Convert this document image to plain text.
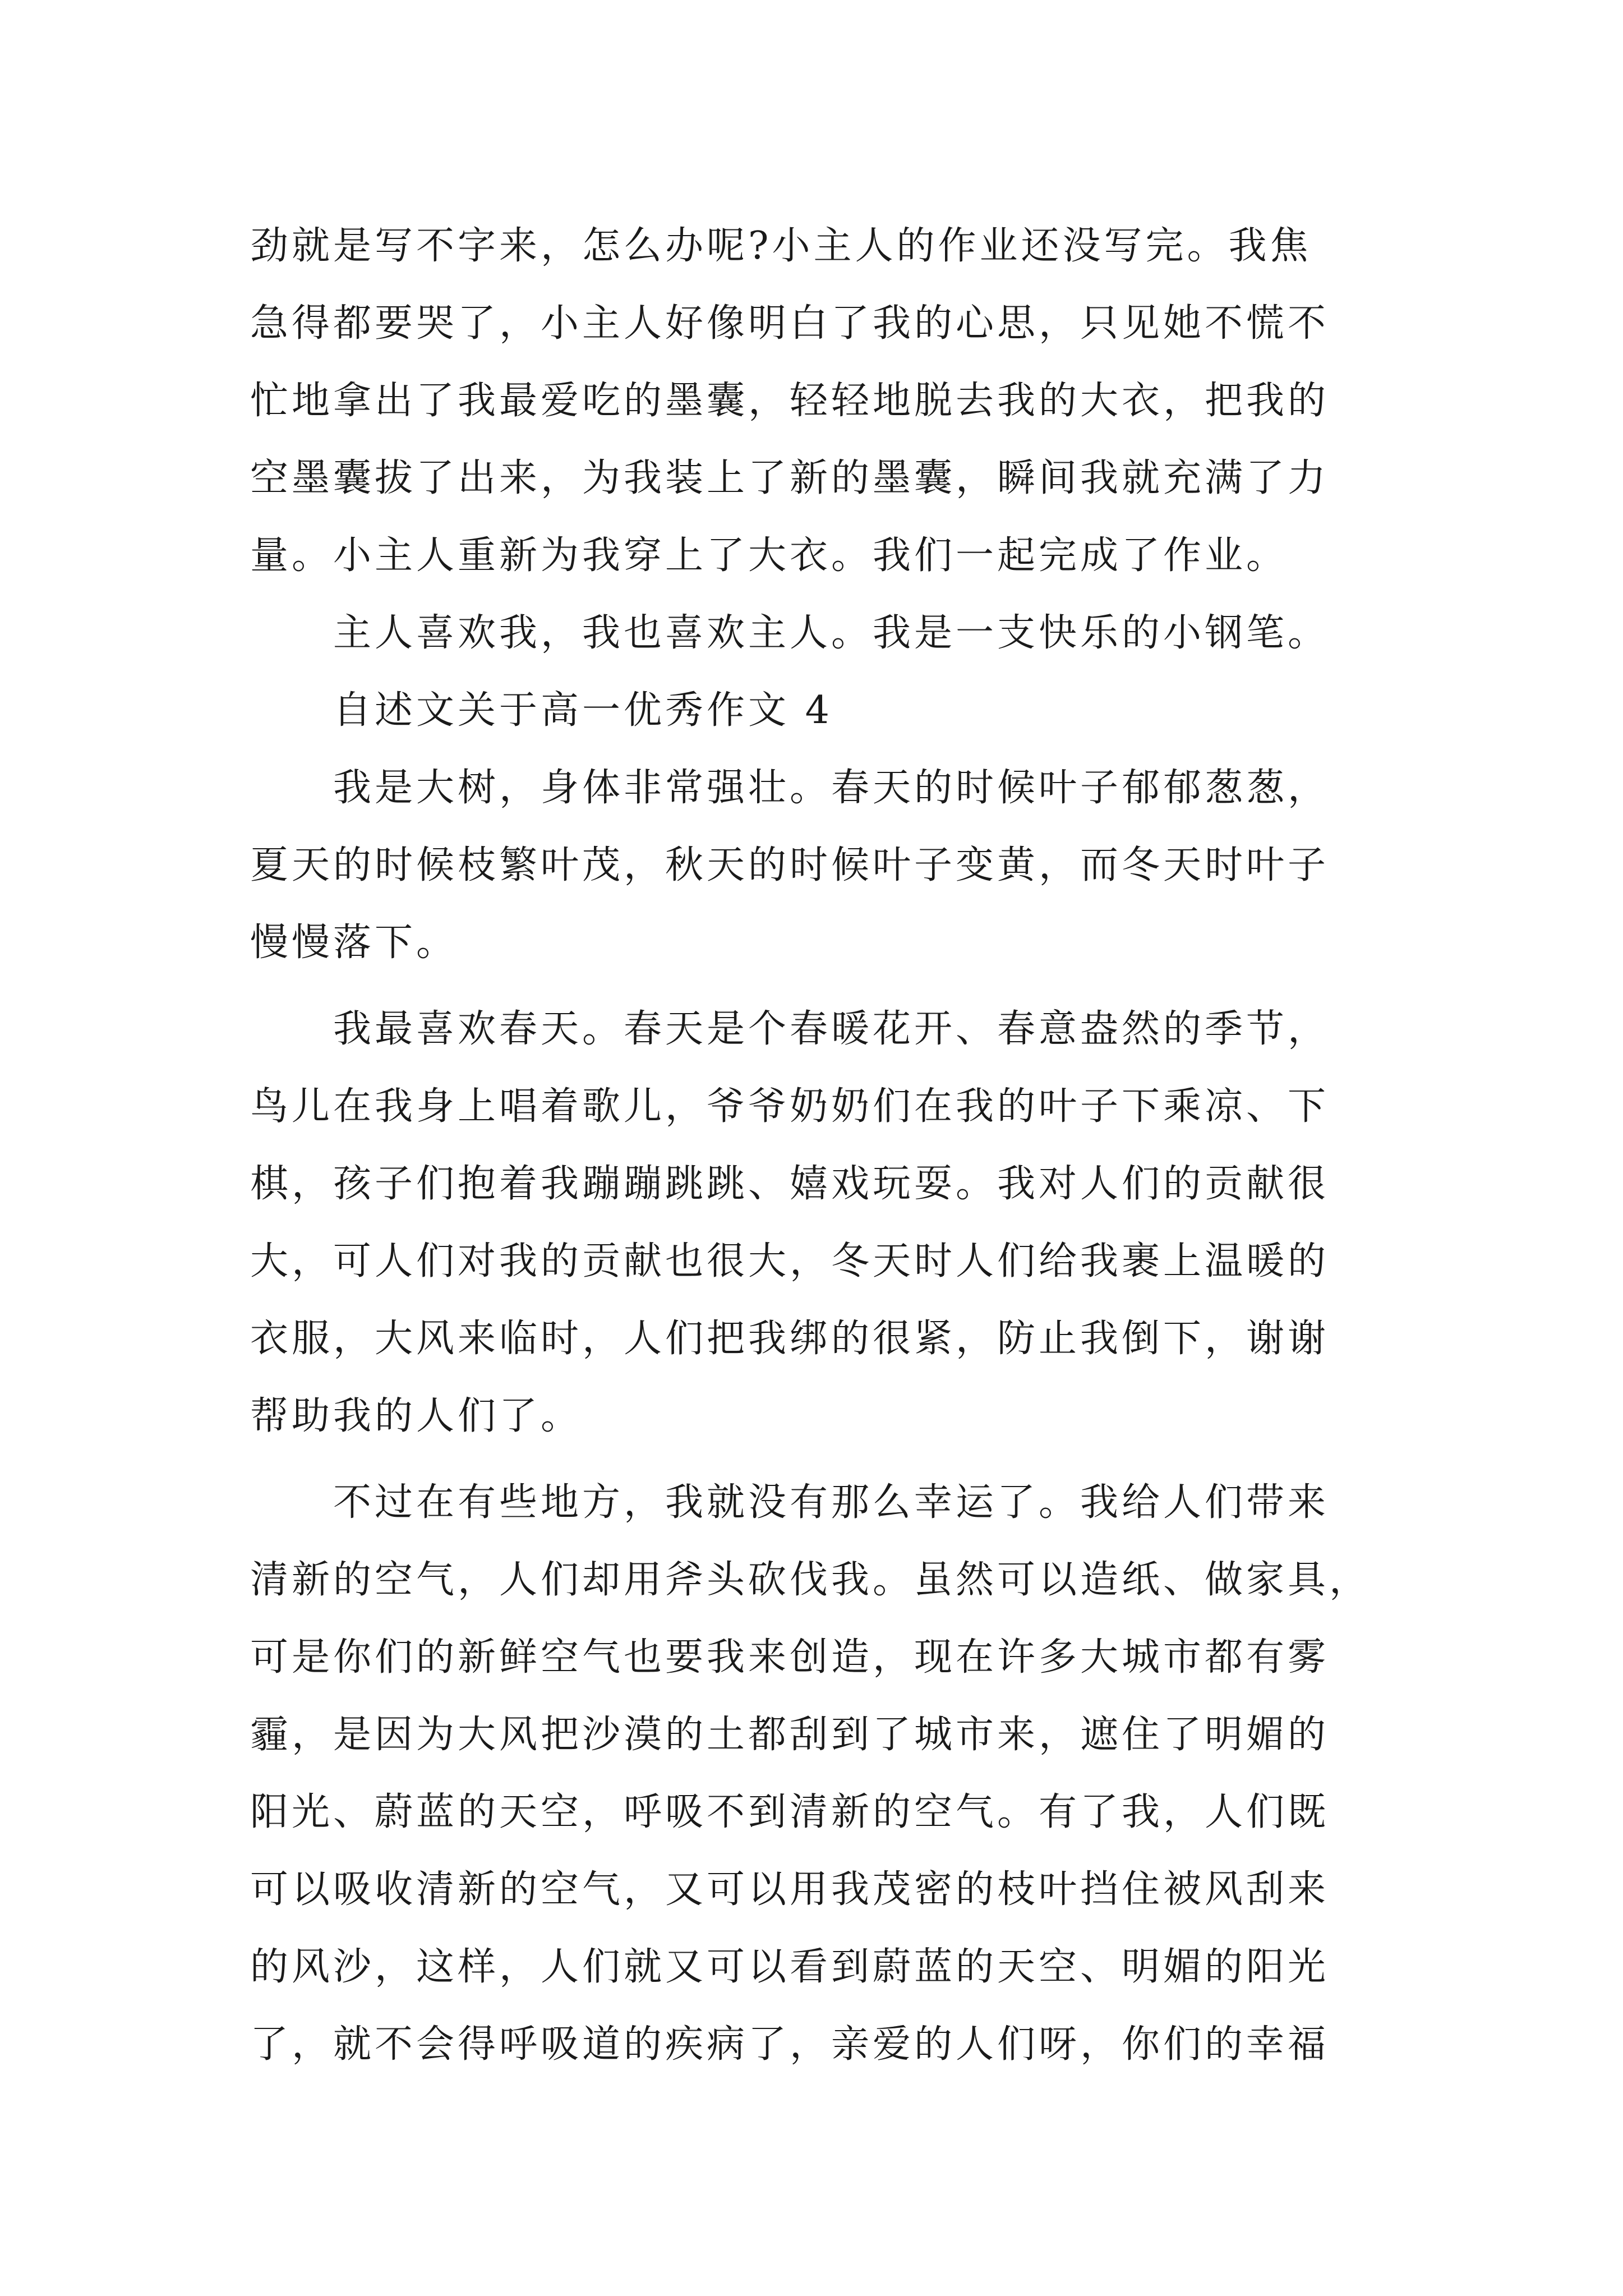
劲就是写不字来，怎么办呢?小主人的作业还没写完。我焦
急得都要哭了，小主人好像明白了我的心思，只见她不慌不
忙地拿出了我最爱吃的墨囊，轻轻地脱去我的大衣，把我的
空墨囊拔了出来，为我装上了新的墨囊，瞬间我就充满了力
量。小主人重新为我穿上了大衣。我们一起完成了作业。
　　主人喜欢我，我也喜欢主人。我是一支快乐的小钢笔。
　　自述文关于高一优秀作文 4
　　我是大树，身体非常强壮。春天的时候叶子郁郁葱葱，
夏天的时候枝繁叶茂，秋天的时候叶子变黄，而冬天时叶子
慢慢落下。
　　我最喜欢春天。春天是个春暖花开、春意盎然的季节，
鸟儿在我身上唱着歌儿，爷爷奶奶们在我的叶子下乘凉、下
棋，孩子们抱着我蹦蹦跳跳、嬉戏玩耍。我对人们的贡献很
大，可人们对我的贡献也很大，冬天时人们给我裹上温暖的
衣服，大风来临时，人们把我绑的很紧，防止我倒下，谢谢
帮助我的人们了。
　　不过在有些地方，我就没有那么幸运了。我给人们带来
清新的空气，人们却用斧头砍伐我。虽然可以造纸、做家具，
可是你们的新鲜空气也要我来创造，现在许多大城市都有雾
霾，是因为大风把沙漠的土都刮到了城市来，遮住了明媚的
阳光、蔚蓝的天空，呼吸不到清新的空气。有了我，人们既
可以吸收清新的空气，又可以用我茂密的枝叶挡住被风刮来
的风沙，这样，人们就又可以看到蔚蓝的天空、明媚的阳光
了，就不会得呼吸道的疾病了，亲爱的人们呀，你们的幸福
